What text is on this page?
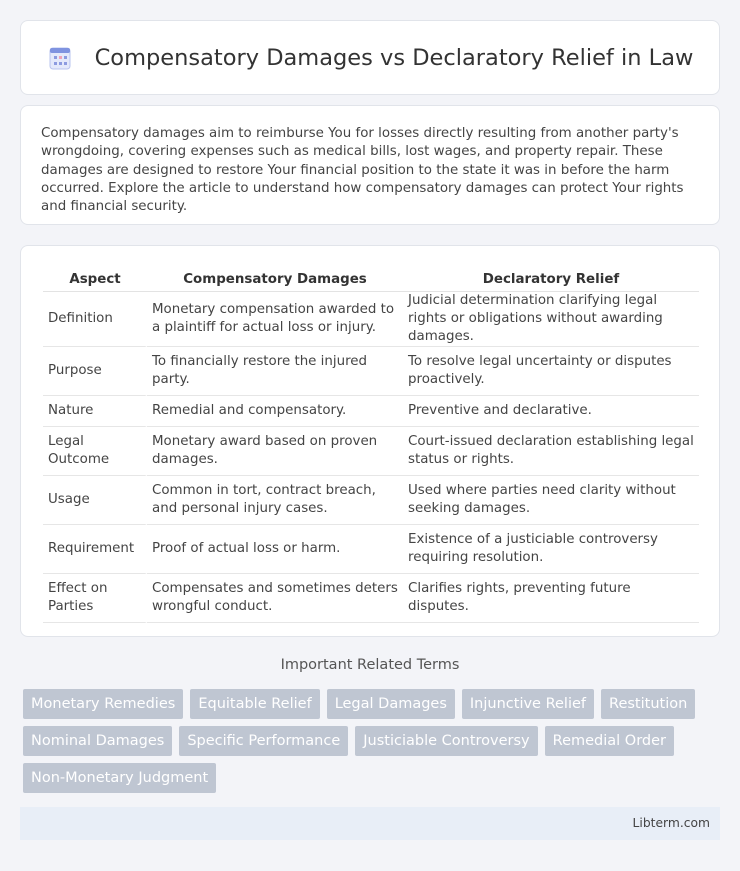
Compensatory Damages vs Declaratory Relief in Law

Compensatory damages aim to reimburse You for losses directly resulting from another party's wrongdoing, covering expenses such as medical bills, lost wages, and property repair. These damages are designed to restore Your financial position to the state it was in before the harm occurred. Explore the article to understand how compensatory damages can protect Your rights and financial security.

Aspect	Compensatory Damages	Declaratory Relief
Definition	Monetary compensation awarded to a plaintiff for actual loss or injury.	Judicial determination clarifying legal rights or obligations without awarding damages.
Purpose	To financially restore the injured party.	To resolve legal uncertainty or disputes proactively.
Nature	Remedial and compensatory.	Preventive and declarative.
Legal Outcome	Monetary award based on proven damages.	Court-issued declaration establishing legal status or rights.
Usage	Common in tort, contract breach, and personal injury cases.	Used where parties need clarity without seeking damages.
Requirement	Proof of actual loss or harm.	Existence of a justiciable controversy requiring resolution.
Effect on Parties	Compensates and sometimes deters wrongful conduct.	Clarifies rights, preventing future disputes.
Important Related Terms
Monetary Remedies	Equitable Relief	Legal Damages	Injunctive Relief	Restitution
Nominal Damages	Specific Performance	Justiciable Controversy	Remedial Order
Non-Monetary Judgment
Libterm.com
